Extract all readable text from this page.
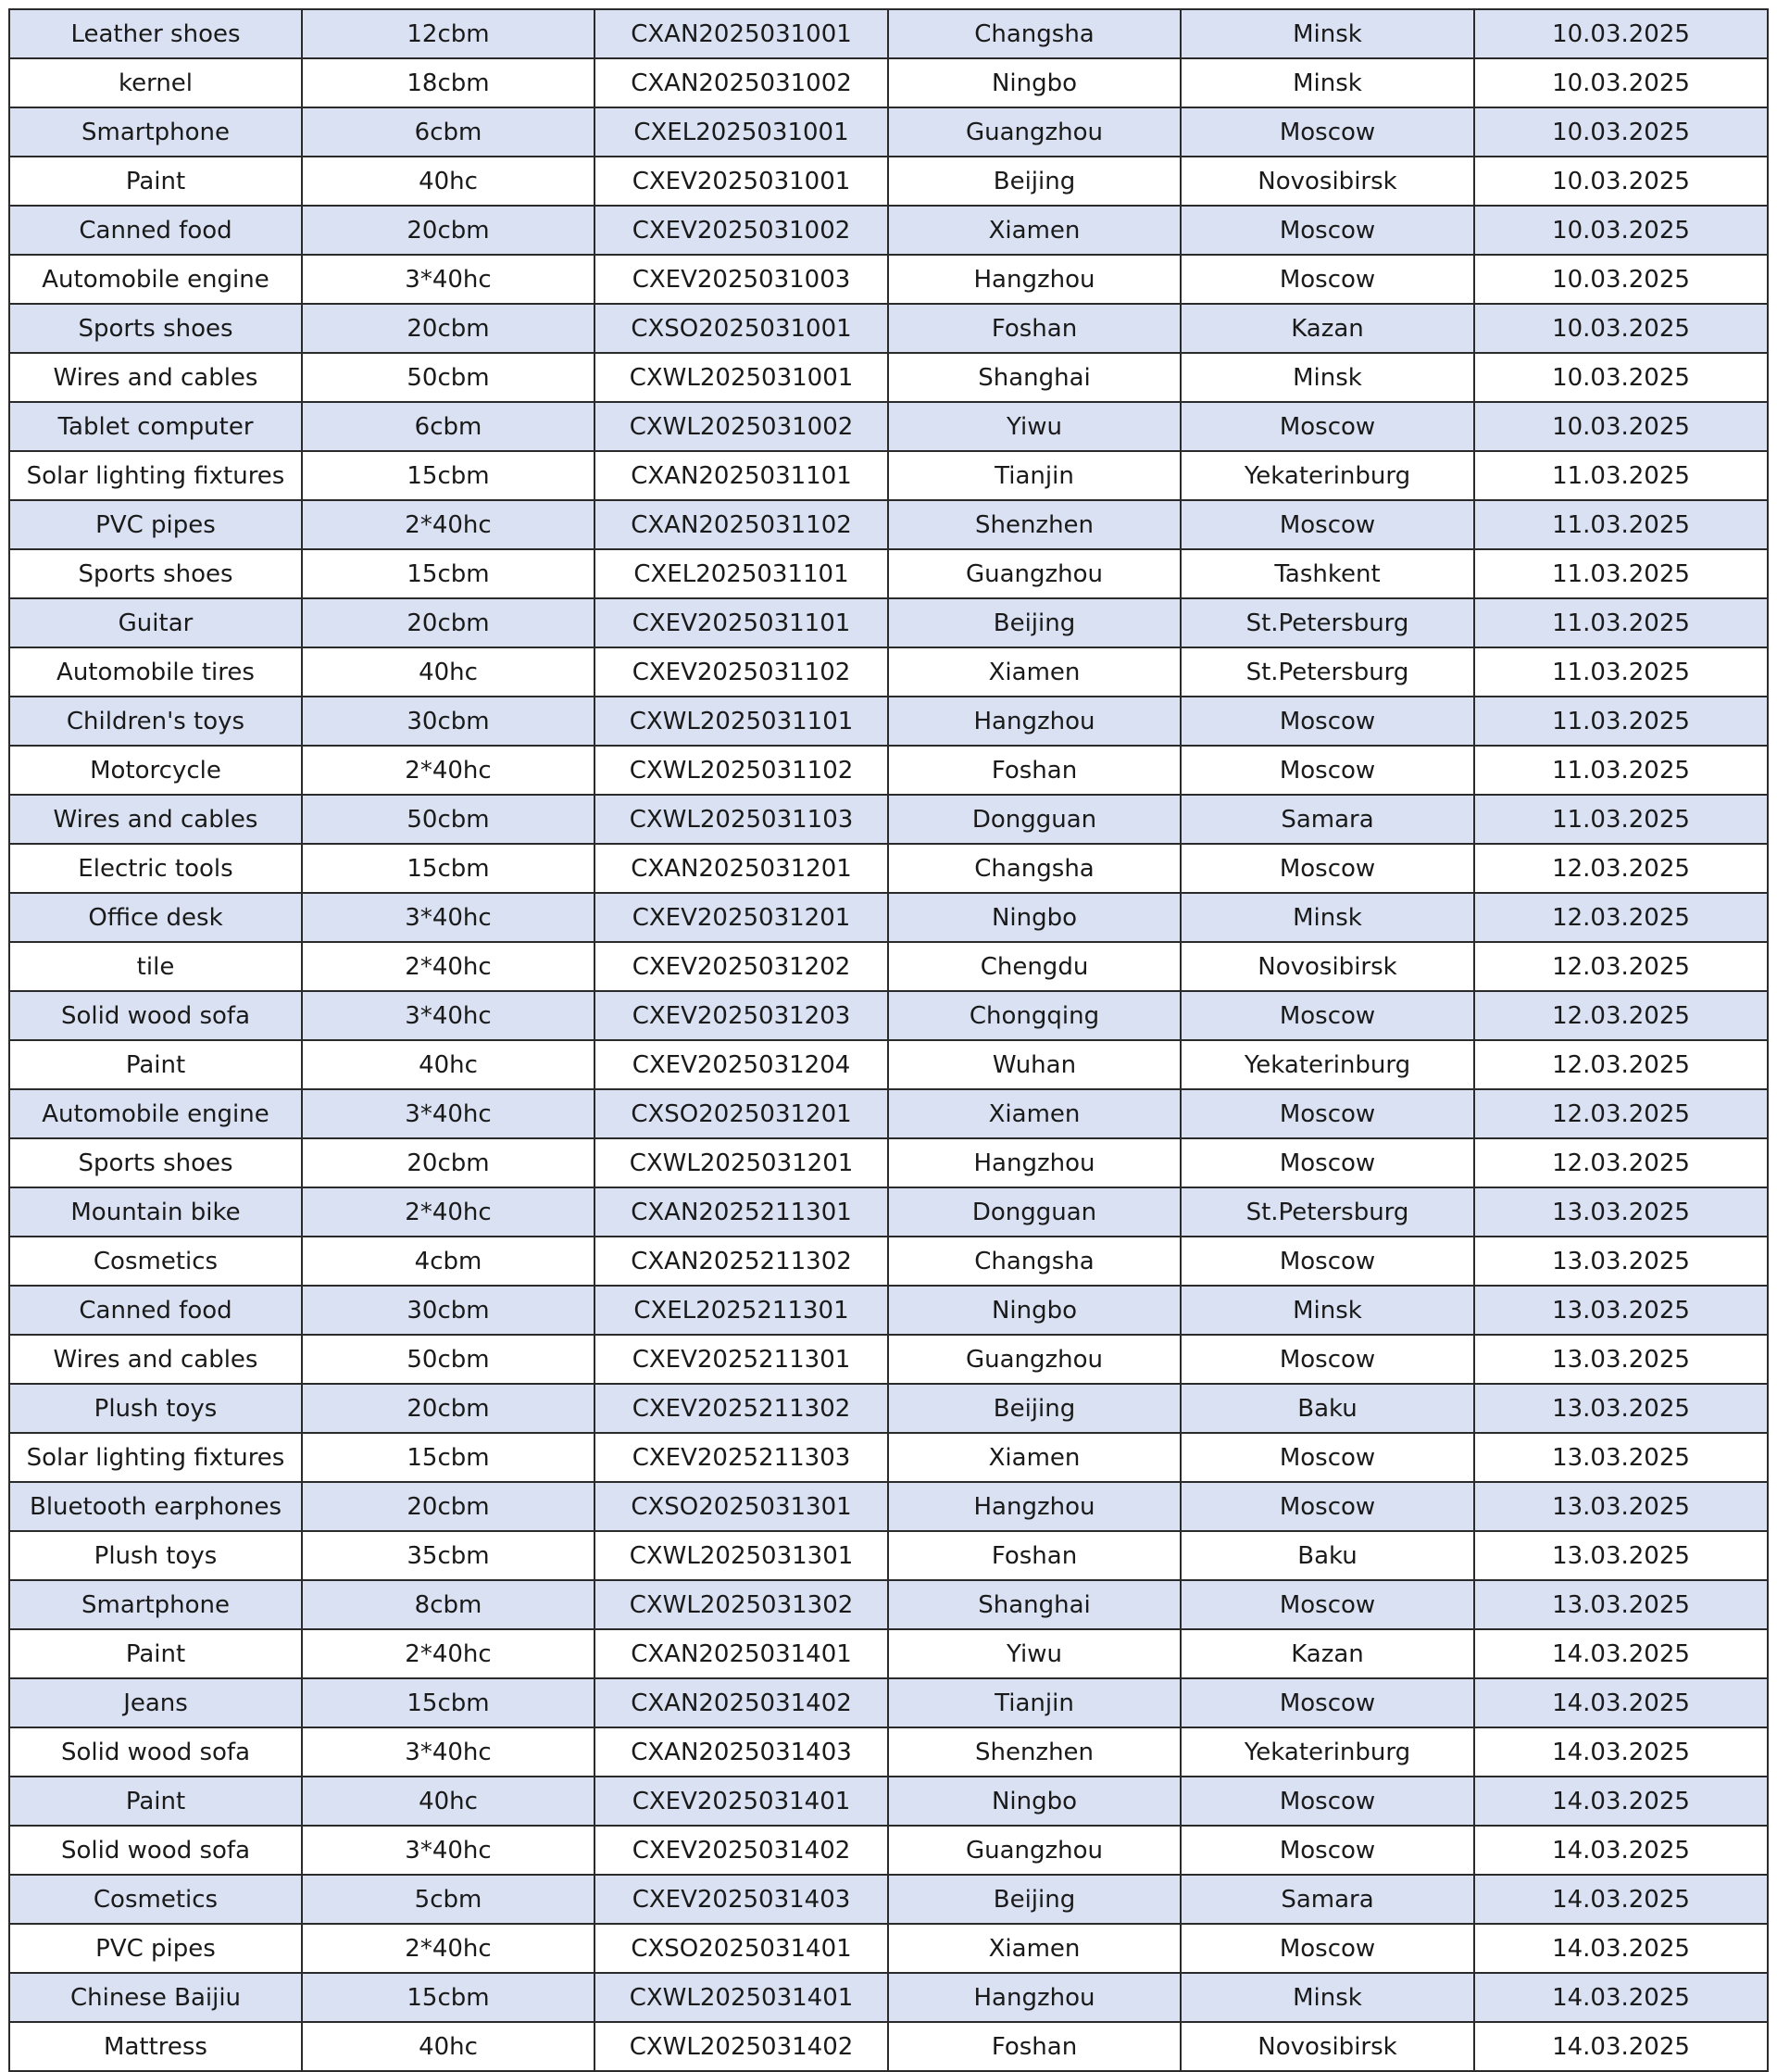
Leather shoes	12cbm	CXAN2025031001	Changsha	Minsk	10.03.2025
kernel	18cbm	CXAN2025031002	Ningbo	Minsk	10.03.2025
Smartphone	6cbm	CXEL2025031001	Guangzhou	Moscow	10.03.2025
Paint	40hc	CXEV2025031001	Beijing	Novosibirsk	10.03.2025
Canned food	20cbm	CXEV2025031002	Xiamen	Moscow	10.03.2025
Automobile engine	3*40hc	CXEV2025031003	Hangzhou	Moscow	10.03.2025
Sports shoes	20cbm	CXSO2025031001	Foshan	Kazan	10.03.2025
Wires and cables	50cbm	CXWL2025031001	Shanghai	Minsk	10.03.2025
Tablet computer	6cbm	CXWL2025031002	Yiwu	Moscow	10.03.2025
Solar lighting fixtures	15cbm	CXAN2025031101	Tianjin	Yekaterinburg	11.03.2025
PVC pipes	2*40hc	CXAN2025031102	Shenzhen	Moscow	11.03.2025
Sports shoes	15cbm	CXEL2025031101	Guangzhou	Tashkent	11.03.2025
Guitar	20cbm	CXEV2025031101	Beijing	St.Petersburg	11.03.2025
Automobile tires	40hc	CXEV2025031102	Xiamen	St.Petersburg	11.03.2025
Children's toys	30cbm	CXWL2025031101	Hangzhou	Moscow	11.03.2025
Motorcycle	2*40hc	CXWL2025031102	Foshan	Moscow	11.03.2025
Wires and cables	50cbm	CXWL2025031103	Dongguan	Samara	11.03.2025
Electric tools	15cbm	CXAN2025031201	Changsha	Moscow	12.03.2025
Office desk	3*40hc	CXEV2025031201	Ningbo	Minsk	12.03.2025
tile	2*40hc	CXEV2025031202	Chengdu	Novosibirsk	12.03.2025
Solid wood sofa	3*40hc	CXEV2025031203	Chongqing	Moscow	12.03.2025
Paint	40hc	CXEV2025031204	Wuhan	Yekaterinburg	12.03.2025
Automobile engine	3*40hc	CXSO2025031201	Xiamen	Moscow	12.03.2025
Sports shoes	20cbm	CXWL2025031201	Hangzhou	Moscow	12.03.2025
Mountain bike	2*40hc	CXAN2025211301	Dongguan	St.Petersburg	13.03.2025
Cosmetics	4cbm	CXAN2025211302	Changsha	Moscow	13.03.2025
Canned food	30cbm	CXEL2025211301	Ningbo	Minsk	13.03.2025
Wires and cables	50cbm	CXEV2025211301	Guangzhou	Moscow	13.03.2025
Plush toys	20cbm	CXEV2025211302	Beijing	Baku	13.03.2025
Solar lighting fixtures	15cbm	CXEV2025211303	Xiamen	Moscow	13.03.2025
Bluetooth earphones	20cbm	CXSO2025031301	Hangzhou	Moscow	13.03.2025
Plush toys	35cbm	CXWL2025031301	Foshan	Baku	13.03.2025
Smartphone	8cbm	CXWL2025031302	Shanghai	Moscow	13.03.2025
Paint	2*40hc	CXAN2025031401	Yiwu	Kazan	14.03.2025
Jeans	15cbm	CXAN2025031402	Tianjin	Moscow	14.03.2025
Solid wood sofa	3*40hc	CXAN2025031403	Shenzhen	Yekaterinburg	14.03.2025
Paint	40hc	CXEV2025031401	Ningbo	Moscow	14.03.2025
Solid wood sofa	3*40hc	CXEV2025031402	Guangzhou	Moscow	14.03.2025
Cosmetics	5cbm	CXEV2025031403	Beijing	Samara	14.03.2025
PVC pipes	2*40hc	CXSO2025031401	Xiamen	Moscow	14.03.2025
Chinese Baijiu	15cbm	CXWL2025031401	Hangzhou	Minsk	14.03.2025
Mattress	40hc	CXWL2025031402	Foshan	Novosibirsk	14.03.2025
